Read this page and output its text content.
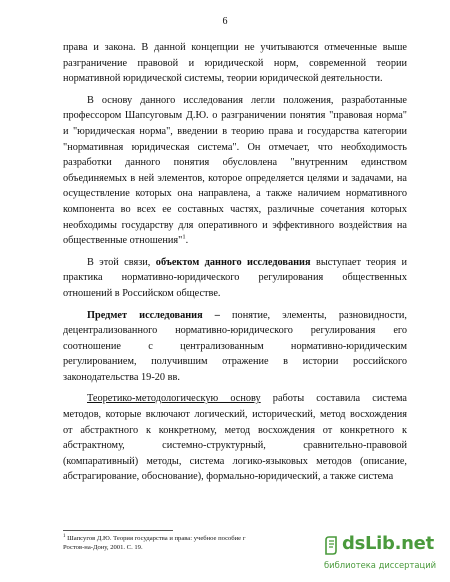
6

права и закона. В данной концепции не учитываются отмеченные выше разграничение правовой и юридической норм, современной теории нормативной юридической системы, теории юридической деятельности.

В основу данного исследования легли положения, разработанные профессором Шапсуговым Д.Ю. о разграничении понятия "правовая норма" и "юридическая норма", введении в теорию права и государства категории "нормативная юридическая система". Он отмечает, что необходимость разработки данного понятия обусловлена "внутренним единством объединяемых в ней элементов, которое определяется целями и задачами, на осуществление которых она направлена, а также наличием нормативного компонента во всех ее составных частях, различные сочетания которых необходимы государству для оперативного и эффективного воздействия на общественные отношения"$^1$.

В этой связи, объектом данного исследования выступает теория и практика нормативно-юридического регулирования общественных отношений в Российском обществе.

Предмет исследования – понятие, элементы, разновидности, децентрализованного нормативно-юридического регулирования его соотношение с централизованным нормативно-юридическим регулированием, получившим отражение в истории российского законодательства 19-20 вв.

Теоретико-методологическую основу работы составила система методов, которые включают логический, исторический, метод восхождения от абстрактного к конкретному, метод восхождения от конкретного к абстрактному, системно-структурный, сравнительно-правовой (компаративный) методы, система логико-языковых методов (описание, абстрагирование, обоснование), формально-юридический, а также система

$^1$ Шапсугов Д.Ю. Теория государства и права: учебное пособие г
Ростов-на-Дону, 2001. С. 19.	dsLib.net
библиотека диссертаций
